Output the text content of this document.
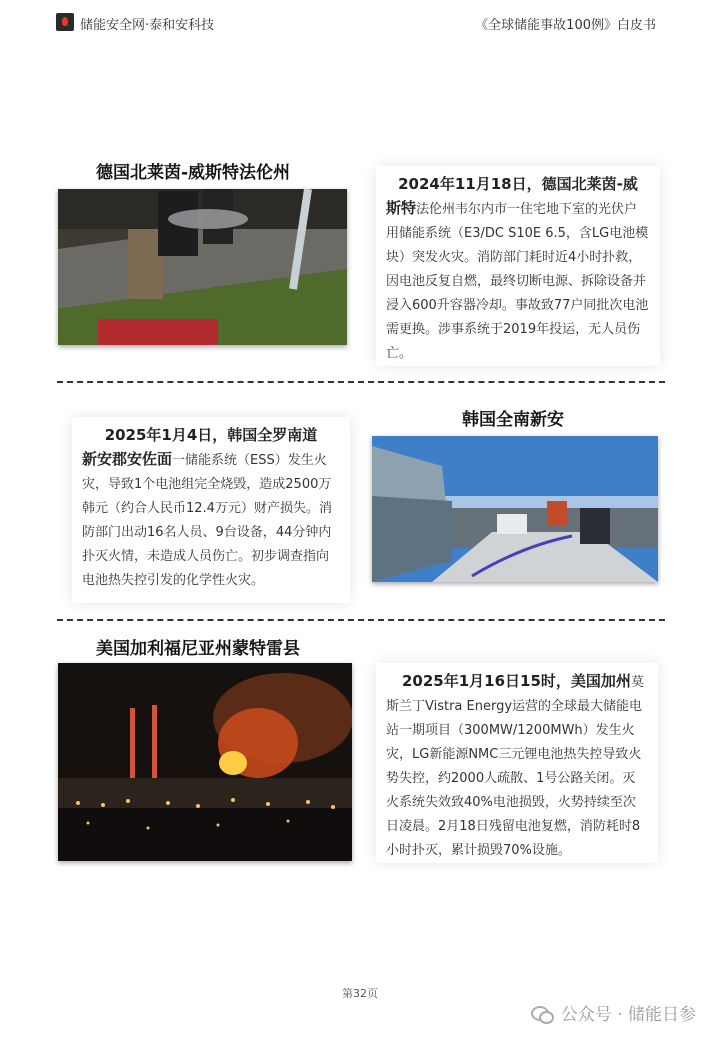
储能安全网·泰和安科技	《全球储能事故100例》白皮书
德国北莱茵-威斯特法伦州
2024年11月18日，德国北莱茵-威
斯特法伦州韦尔内市一住宅地下室的光伏户用储能系统（E3/DC S10E 6.5，含LG电池模块）突发火灾。消防部门耗时近4小时扑救，因电池反复自燃，最终切断电源、拆除设备并浸入600升容器冷却。事故致77户同批次电池需更换。涉事系统于2019年投运，无人员伤亡。
韩国全南新安
2025年1月4日，韩国全罗南道
新安郡安佐面一储能系统（ESS）发生火灾，导致1个电池组完全烧毁，造成2500万韩元（约合人民币12.4万元）财产损失。消防部门出动16名人员、9台设备，44分钟内扑灭火情，未造成人员伤亡。初步调查指向电池热失控引发的化学性火灾。
美国加利福尼亚州蒙特雷县
2025年1月16日15时，美国加州莫斯兰丁Vistra Energy运营的全球最大储能电站一期项目（300MW/1200MWh）发生火灾，LG新能源NMC三元锂电池热失控导致火势失控，约2000人疏散、1号公路关闭。灭火系统失效致40%电池损毁，火势持续至次日凌晨。2月18日残留电池复燃，消防耗时8小时扑灭，累计损毁70%设施。
第32页
公众号 · 储能日参
